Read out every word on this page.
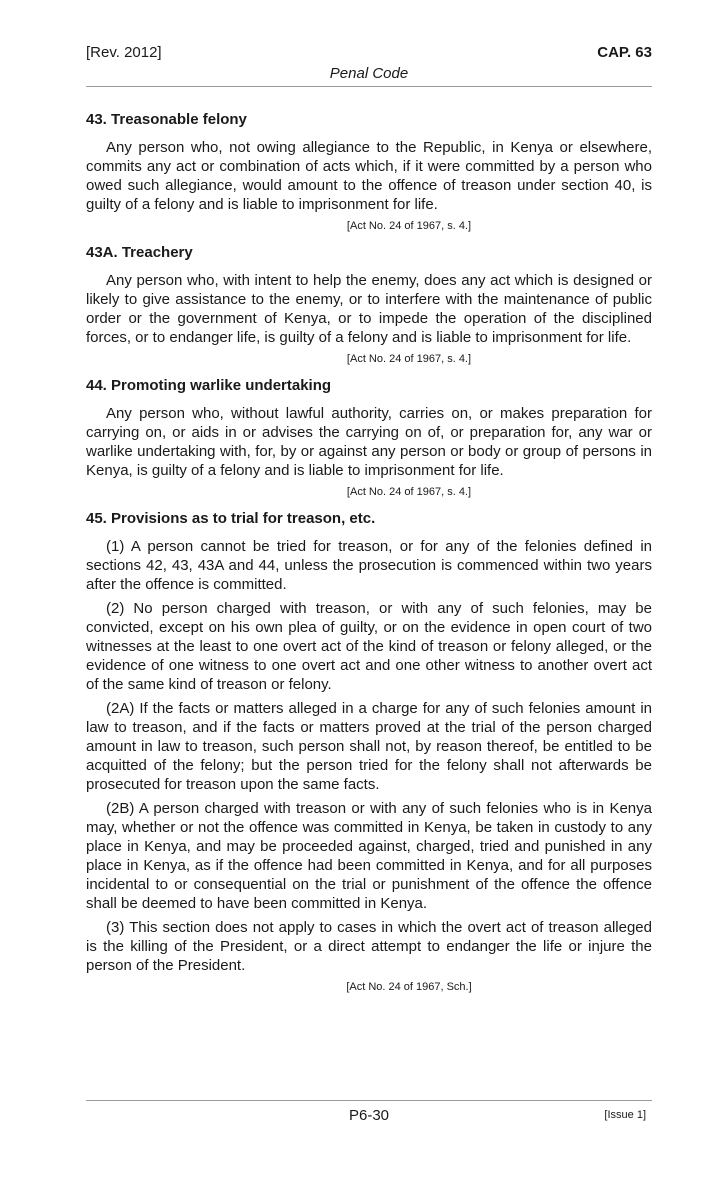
[Rev. 2012]	CAP. 63
Penal Code
43. Treasonable felony

Any person who, not owing allegiance to the Republic, in Kenya or elsewhere, commits any act or combination of acts which, if it were committed by a person who owed such allegiance, would amount to the offence of treason under section 40, is guilty of a felony and is liable to imprisonment for life.

[Act No. 24 of 1967, s. 4.]
43A. Treachery

Any person who, with intent to help the enemy, does any act which is designed or likely to give assistance to the enemy, or to interfere with the maintenance of public order or the government of Kenya, or to impede the operation of the disciplined forces, or to endanger life, is guilty of a felony and is liable to imprisonment for life.

[Act No. 24 of 1967, s. 4.]
44. Promoting warlike undertaking

Any person who, without lawful authority, carries on, or makes preparation for carrying on, or aids in or advises the carrying on of, or preparation for, any war or warlike undertaking with, for, by or against any person or body or group of persons in Kenya, is guilty of a felony and is liable to imprisonment for life.

[Act No. 24 of 1967, s. 4.]
45. Provisions as to trial for treason, etc.

(1) A person cannot be tried for treason, or for any of the felonies defined in sections 42, 43, 43A and 44, unless the prosecution is commenced within two years after the offence is committed.

(2) No person charged with treason, or with any of such felonies, may be convicted, except on his own plea of guilty, or on the evidence in open court of two witnesses at the least to one overt act of the kind of treason or felony alleged, or the evidence of one witness to one overt act and one other witness to another overt act of the same kind of treason or felony.

(2A) If the facts or matters alleged in a charge for any of such felonies amount in law to treason, and if the facts or matters proved at the trial of the person charged amount in law to treason, such person shall not, by reason thereof, be entitled to be acquitted of the felony; but the person tried for the felony shall not afterwards be prosecuted for treason upon the same facts.

(2B) A person charged with treason or with any of such felonies who is in Kenya may, whether or not the offence was committed in Kenya, be taken in custody to any place in Kenya, and may be proceeded against, charged, tried and punished in any place in Kenya, as if the offence had been committed in Kenya, and for all purposes incidental to or consequential on the trial or punishment of the offence the offence shall be deemed to have been committed in Kenya.

(3) This section does not apply to cases in which the overt act of treason alleged is the killing of the President, or a direct attempt to endanger the life or injure the person of the President.

[Act No. 24 of 1967, Sch.]
P6-30	[Issue 1]
